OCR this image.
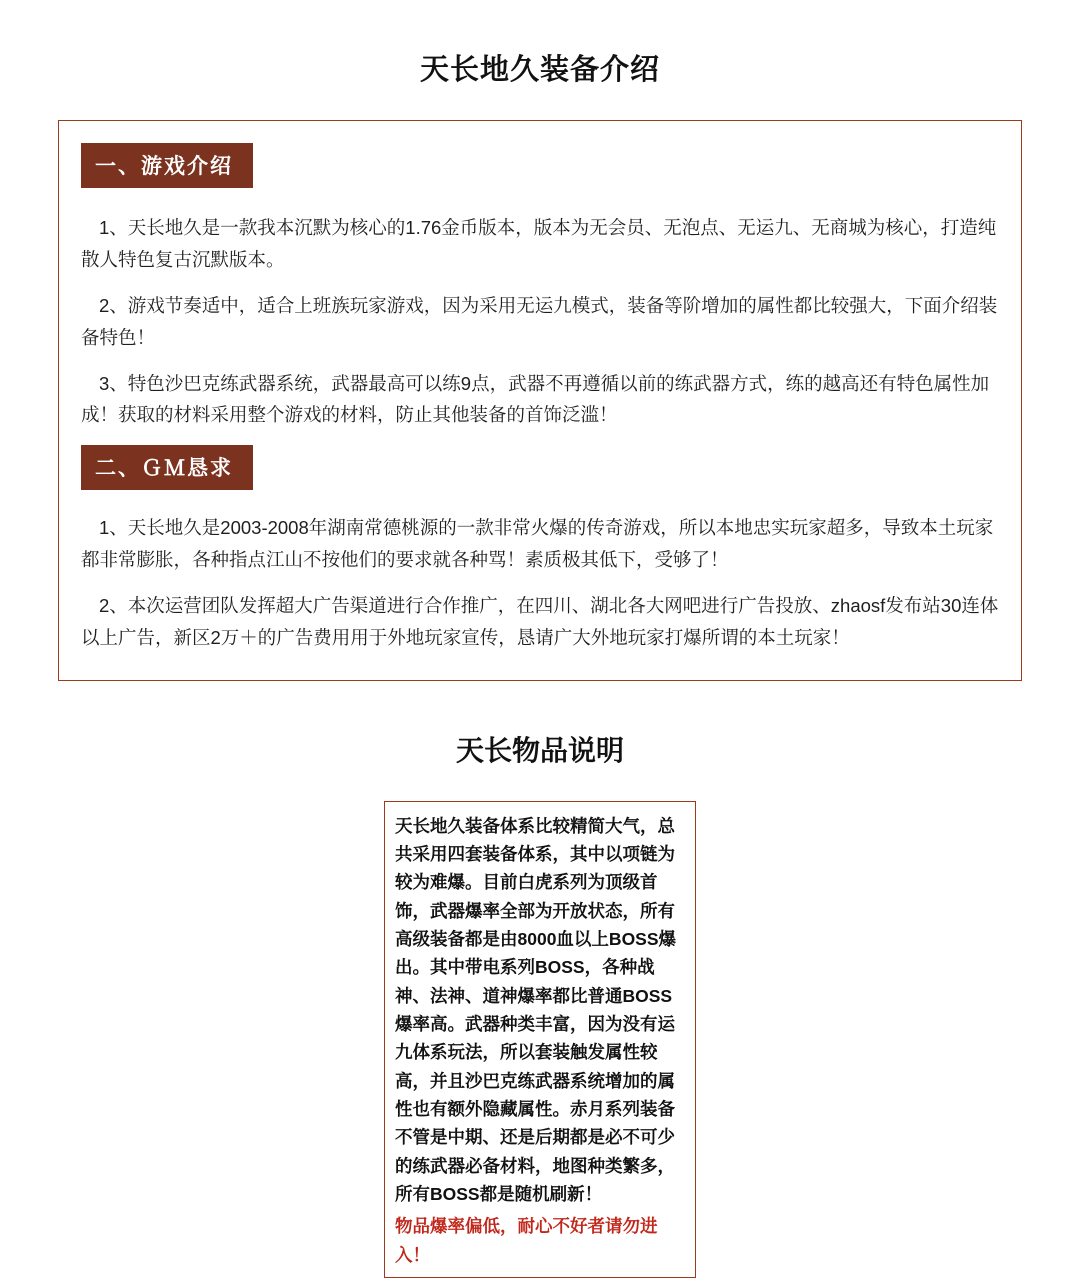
天长地久装备介绍
一、游戏介绍

1、天长地久是一款我本沉默为核心的1.76金币版本，版本为无会员、无泡点、无运九、无商城为核心，打造纯散人特色复古沉默版本。

2、游戏节奏适中，适合上班族玩家游戏，因为采用无运九模式，装备等阶增加的属性都比较强大，下面介绍装备特色！

3、特色沙巴克练武器系统，武器最高可以练9点，武器不再遵循以前的练武器方式，练的越高还有特色属性加成！获取的材料采用整个游戏的材料，防止其他装备的首饰泛滥！

二、ＧＭ恳求

1、天长地久是2003-2008年湖南常德桃源的一款非常火爆的传奇游戏，所以本地忠实玩家超多，导致本土玩家都非常膨胀，各种指点江山不按他们的要求就各种骂！素质极其低下，受够了！

2、本次运营团队发挥超大广告渠道进行合作推广，在四川、湖北各大网吧进行广告投放、zhaosf发布站30连体以上广告，新区2万＋的广告费用用于外地玩家宣传，恳请广大外地玩家打爆所谓的本土玩家！

天长物品说明

天长地久装备体系比较精简大气，总共采用四套装备体系，其中以项链为较为难爆。目前白虎系列为顶级首饰，武器爆率全部为开放状态，所有高级装备都是由8000血以上BOSS爆出。其中带电系列BOSS，各种战神、法神、道神爆率都比普通BOSS爆率高。武器种类丰富，因为没有运九体系玩法，所以套装触发属性较高，并且沙巴克练武器系统增加的属性也有额外隐藏属性。赤月系列装备不管是中期、还是后期都是必不可少的练武器必备材料，地图种类繁多，所有BOSS都是随机刷新！

物品爆率偏低，耐心不好者请勿进入！
